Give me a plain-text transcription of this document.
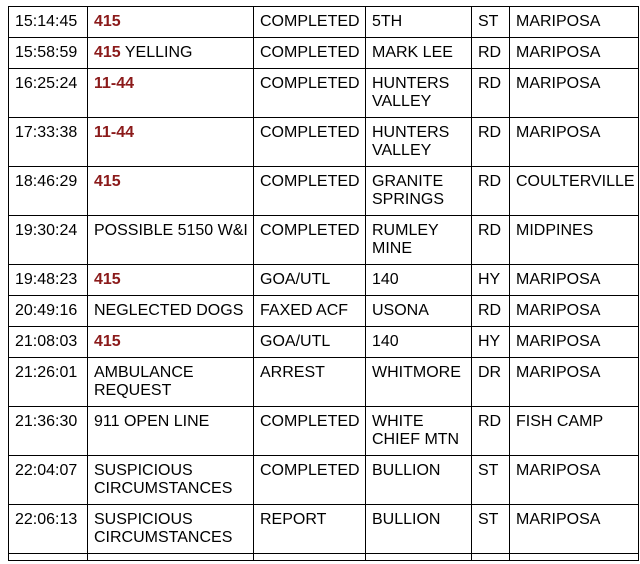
15:14:45	415	COMPLETED	5TH	ST	MARIPOSA
15:58:59	415 YELLING	COMPLETED	MARK LEE	RD	MARIPOSA
16:25:24	11-44	COMPLETED	HUNTERS VALLEY	RD	MARIPOSA
17:33:38	11-44	COMPLETED	HUNTERS VALLEY	RD	MARIPOSA
18:46:29	415	COMPLETED	GRANITE SPRINGS	RD	COULTERVILLE
19:30:24	POSSIBLE 5150 W&I	COMPLETED	RUMLEY MINE	RD	MIDPINES
19:48:23	415	GOA/UTL	140	HY	MARIPOSA
20:49:16	NEGLECTED DOGS	FAXED ACF	USONA	RD	MARIPOSA
21:08:03	415	GOA/UTL	140	HY	MARIPOSA
21:26:01	AMBULANCE REQUEST	ARREST	WHITMORE	DR	MARIPOSA
21:36:30	911 OPEN LINE	COMPLETED	WHITE CHIEF MTN	RD	FISH CAMP
22:04:07	SUSPICIOUS CIRCUMSTANCES	COMPLETED	BULLION	ST	MARIPOSA
22:06:13	SUSPICIOUS CIRCUMSTANCES	REPORT	BULLION	ST	MARIPOSA
